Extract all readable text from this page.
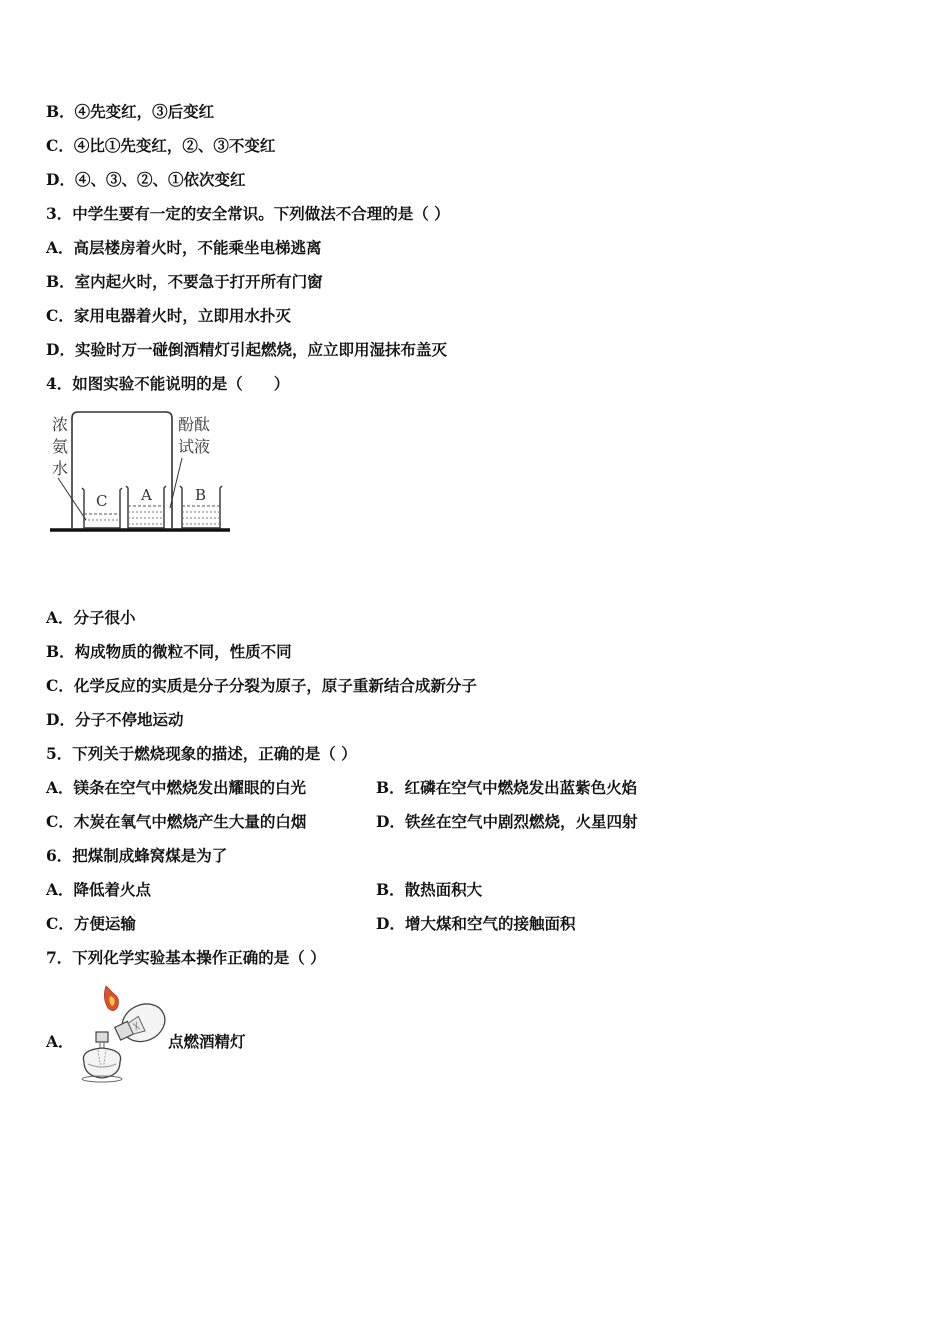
B．④先变红，③后变红
C．④比①先变红，②、③不变红
D．④、③、②、①依次变红
3．中学生要有一定的安全常识。下列做法不合理的是（ ）
A．高层楼房着火时，不能乘坐电梯逃离
B．室内起火时，不要急于打开所有门窗
C．家用电器着火时，立即用水扑灭
D．实验时万一碰倒酒精灯引起燃烧，应立即用湿抹布盖灭
4．如图实验不能说明的是（　　）
浓
氨
水
酚酞
试液
C A	B
A．分子很小
B．构成物质的微粒不同，性质不同
C．化学反应的实质是分子分裂为原子，原子重新结合成新分子
D．分子不停地运动
5．下列关于燃烧现象的描述，正确的是（ ）
A．镁条在空气中燃烧发出耀眼的白光	B．红磷在空气中燃烧发出蓝紫色火焰
C．木炭在氧气中燃烧产生大量的白烟	D．铁丝在空气中剧烈燃烧，火星四射
6．把煤制成蜂窝煤是为了
A．降低着火点	B．散热面积大
C．方便运输	D．增大煤和空气的接触面积
7．下列化学实验基本操作正确的是（ ）
A．	点燃酒精灯
